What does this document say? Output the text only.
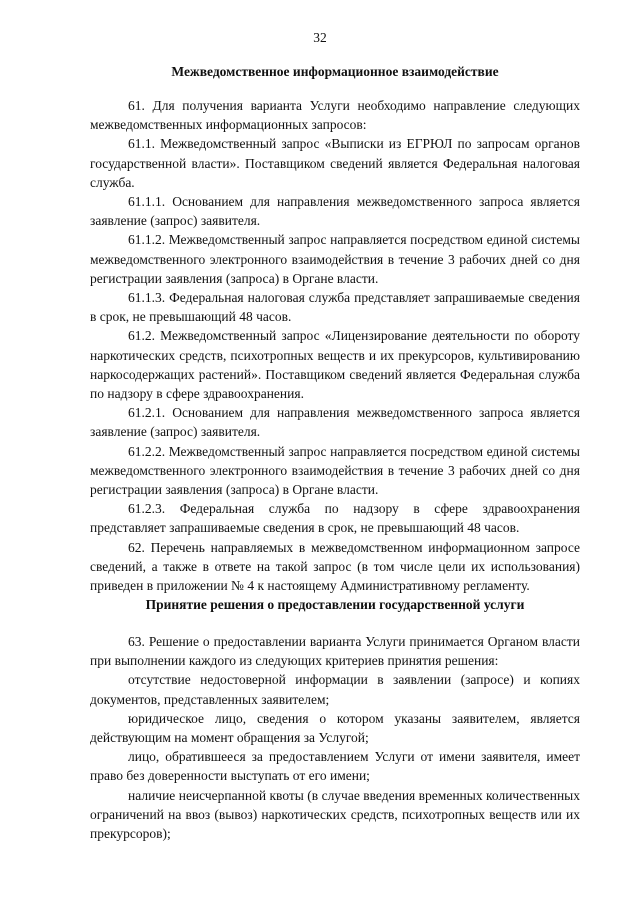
32
Межведомственное информационное взаимодействие

61. Для получения варианта Услуги необходимо направление следующих межведомственных информационных запросов:

61.1. Межведомственный запрос «Выписки из ЕГРЮЛ по запросам органов государственной власти». Поставщиком сведений является Федеральная налоговая служба.

61.1.1. Основанием для направления межведомственного запроса является заявление (запрос) заявителя.

61.1.2. Межведомственный запрос направляется посредством единой системы межведомственного электронного взаимодействия в течение 3 рабочих дней со дня регистрации заявления (запроса) в Органе власти.

61.1.3. Федеральная налоговая служба представляет запрашиваемые сведения в срок, не превышающий 48 часов.

61.2. Межведомственный запрос «Лицензирование деятельности по обороту наркотических средств, психотропных веществ и их прекурсоров, культивированию наркосодержащих растений». Поставщиком сведений является Федеральная служба по надзору в сфере здравоохранения.

61.2.1. Основанием для направления межведомственного запроса является заявление (запрос) заявителя.

61.2.2. Межведомственный запрос направляется посредством единой системы межведомственного электронного взаимодействия в течение 3 рабочих дней со дня регистрации заявления (запроса) в Органе власти.

61.2.3. Федеральная служба по надзору в сфере здравоохранения представляет запрашиваемые сведения в срок, не превышающий 48 часов.

62. Перечень направляемых в межведомственном информационном запросе сведений, а также в ответе на такой запрос (в том числе цели их использования) приведен в приложении № 4 к настоящему Административному регламенту.

Принятие решения о предоставлении государственной услуги

63. Решение о предоставлении варианта Услуги принимается Органом власти при выполнении каждого из следующих критериев принятия решения:

отсутствие недостоверной информации в заявлении (запросе) и копиях документов, представленных заявителем;

юридическое лицо, сведения о котором указаны заявителем, является действующим на момент обращения за Услугой;

лицо, обратившееся за предоставлением Услуги от имени заявителя, имеет право без доверенности выступать от его имени;

наличие неисчерпанной квоты (в случае введения временных количественных ограничений на ввоз (вывоз) наркотических средств, психотропных веществ или их прекурсоров);
